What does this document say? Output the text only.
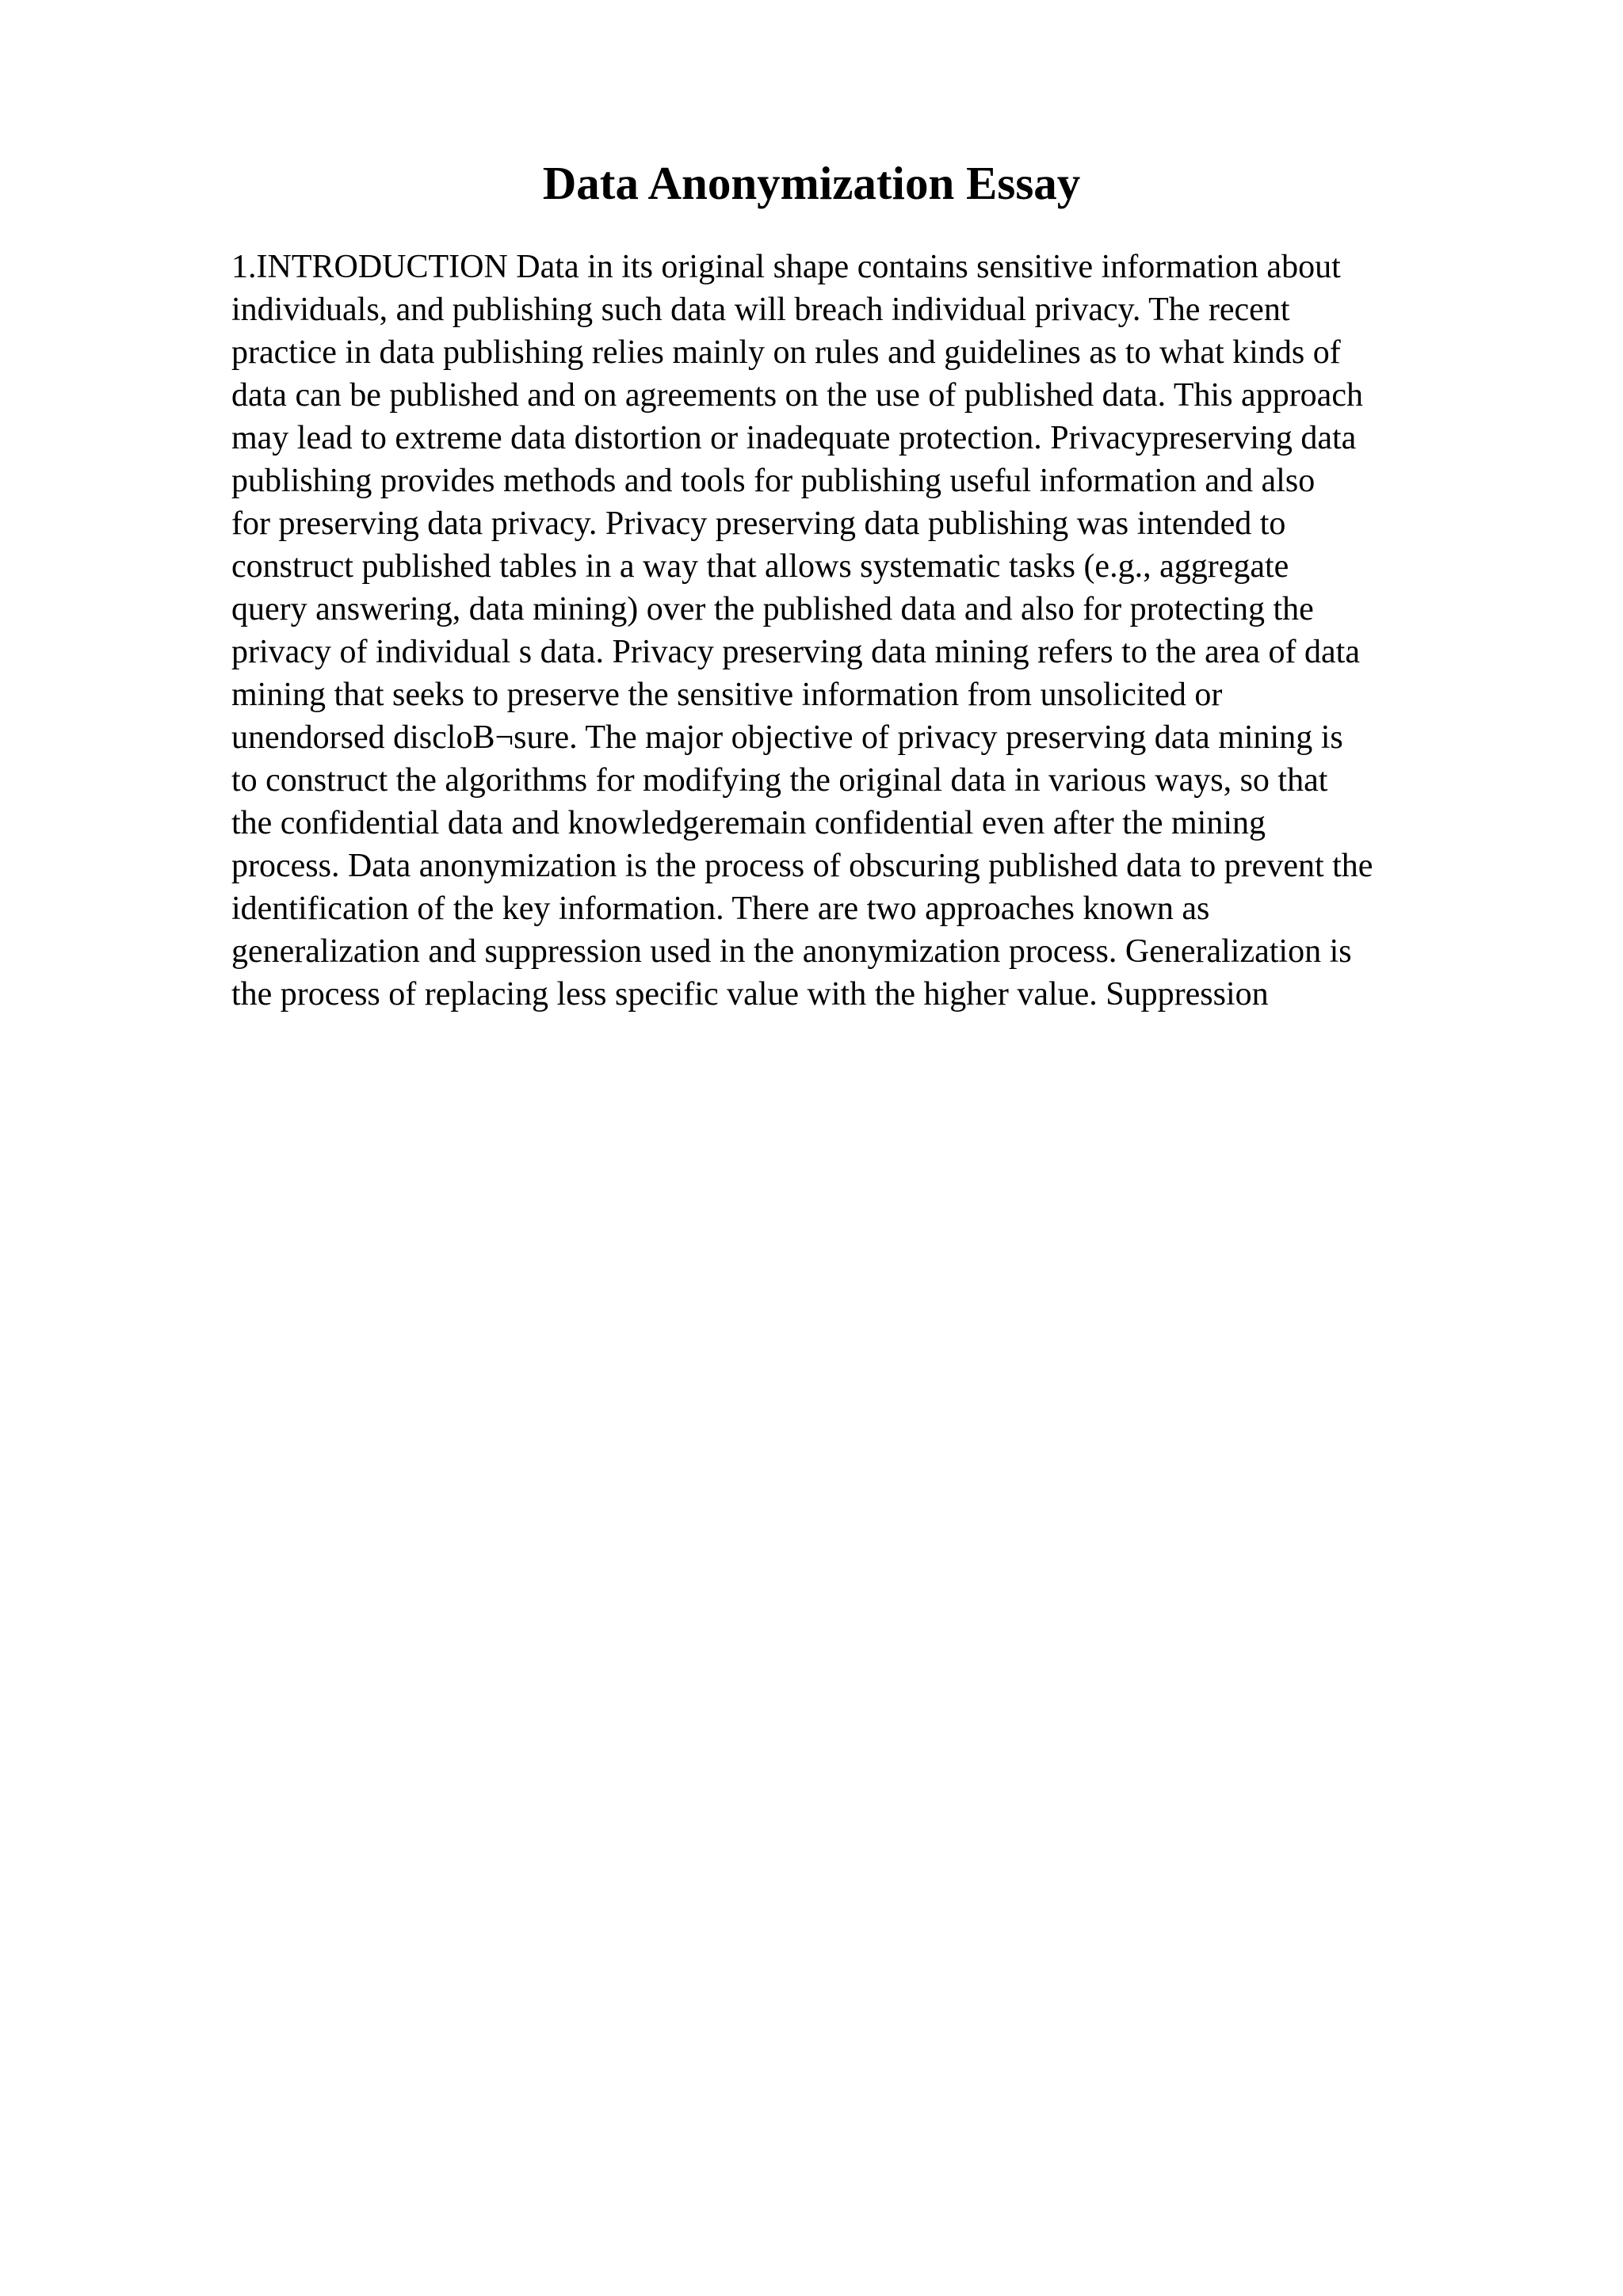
Data Anonymization Essay
1.INTRODUCTION Data in its original shape contains sensitive information about
individuals, and publishing such data will breach individual privacy. The recent
practice in data publishing relies mainly on rules and guidelines as to what kinds of
data can be published and on agreements on the use of published data. This approach
may lead to extreme data distortion or inadequate protection. Privacypreserving data
publishing provides methods and tools for publishing useful information and also
for preserving data privacy. Privacy preserving data publishing was intended to
construct published tables in a way that allows systematic tasks (e.g., aggregate
query answering, data mining) over the published data and also for protecting the
privacy of individual s data. Privacy preserving data mining refers to the area of data
mining that seeks to preserve the sensitive information from unsolicited or
unendorsed discloB¬sure. The major objective of privacy preserving data mining is
to construct the algorithms for modifying the original data in various ways, so that
the confidential data and knowledgeremain confidential even after the mining
process. Data anonymization is the process of obscuring published data to prevent the
identification of the key information. There are two approaches known as
generalization and suppression used in the anonymization process. Generalization is
the process of replacing less specific value with the higher value. Suppression
